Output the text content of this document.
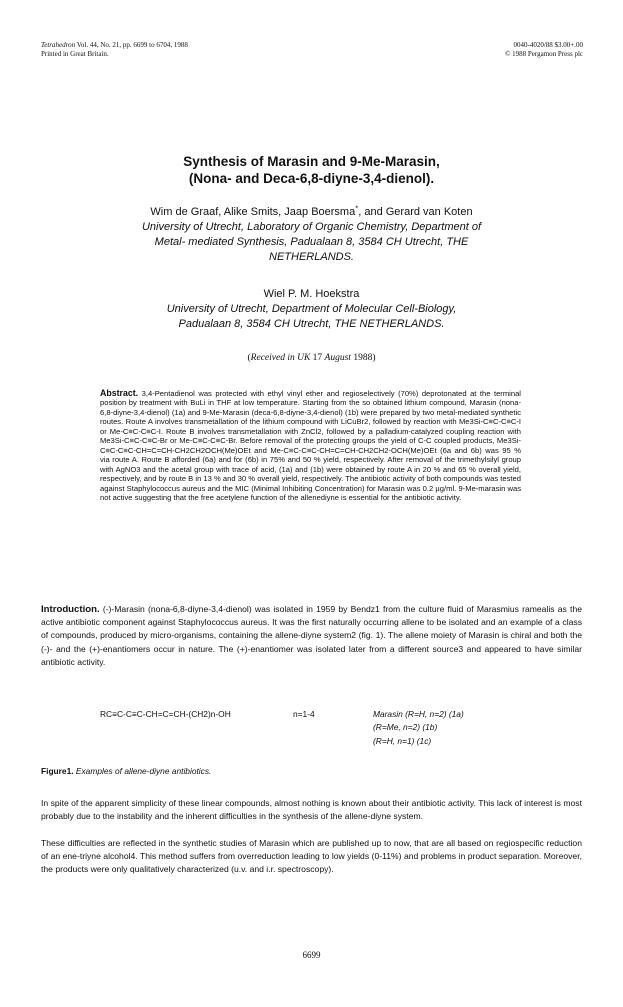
Tetrahedron Vol. 44, No. 21, pp. 6699 to 6704, 1988
Printed in Great Britain.
0040-4020/88 $3.00+.00
© 1988 Pergamon Press plc
Synthesis of Marasin and 9-Me-Marasin,
(Nona- and Deca-6,8-diyne-3,4-dienol).
Wim de Graaf, Alike Smits, Jaap Boersma*, and Gerard van Koten
University of Utrecht, Laboratory of Organic Chemistry, Department of
Metal- mediated Synthesis, Padualaan 8, 3584 CH Utrecht, THE
NETHERLANDS.
Wiel P. M. Hoekstra
University of Utrecht, Department of Molecular Cell-Biology,
Padualaan 8, 3584 CH Utrecht, THE NETHERLANDS.
(Received in UK 17 August 1988)
Abstract. 3,4-Pentadienol was protected with ethyl vinyl ether and regioselectively (70%) deprotonated at the terminal position by treatment with BuLi in THF at low temperature. Starting from the so obtained lithium compound, Marasin (nona-6,8-diyne-3,4-dienol) (1a) and 9-Me-Marasin (deca-6,8-diyne-3,4-dienol) (1b) were prepared by two metal-mediated synthetic routes. Route A involves transmetallation of the lithium compound with LiCuBr2, followed by reaction with Me3Si-C≡C-C≡C-I or Me-C≡C-C≡C-I. Route B involves transmetallation with ZnCl2, followed by a palladium-catalyzed coupling reaction with Me3Si-C≡C-C≡C-Br or Me-C≡C-C≡C-Br. Before removal of the protecting groups the yield of C-C coupled products, Me3Si-C≡C-C≡C-CH=C=CH-CH2CH2OCH(Me)OEt and Me-C≡C-C≡C-CH=C=CH-CH2CH2-OCH(Me)OEt (6a and 6b) was 95 % via route A. Route B afforded (6a) and for (6b) in 75% and 50 % yield, respectively. After removal of the trimethylsilyl group with AgNO3 and the acetal group with trace of acid, (1a) and (1b) were obtained by route A in 20 % and 65 % overall yield, respectively, and by route B in 13 % and 30 % overall yield, respectively. The antibiotic activity of both compounds was tested against Staphylococcus aureus and the MIC (Minimal Inhibiting Concentration) for Marasin was 0.2 µg/ml. 9-Me-marasin was not active suggesting that the free acetylene function of the allenediyne is essential for the antibiotic activity.
Introduction. (-)-Marasin (nona-6,8-diyne-3,4-dienol) was isolated in 1959 by Bendz1 from the culture fluid of Marasmius ramealis as the active antibiotic component against Staphylococcus aureus. It was the first naturally occurring allene to be isolated and an example of a class of compounds, produced by micro-organisms, containing the allene-diyne system2 (fig. 1). The allene moiety of Marasin is chiral and both the (-)- and the (+)-enantiomers occur in nature. The (+)-enantiomer was isolated later from a different source3 and appeared to have similar antibiotic activity.
RC≡C-C≡C-CH=C=CH-(CH2)n-OH	n=1-4	Marasin (R=H, n=2) (1a)
(R=Me, n=2) (1b)
(R=H, n=1) (1c)
Figure1. Examples of allene-diyne antibiotics.
In spite of the apparent simplicity of these linear compounds, almost nothing is known about their antibiotic activity. This lack of interest is most probably due to the instability and the inherent difficulties in the synthesis of the allene-diyne system.
These difficulties are reflected in the synthetic studies of Marasin which are published up to now, that are all based on regiospecific reduction of an ene-triyne alcohol4. This method suffers from overreduction leading to low yields (0-11%) and problems in product separation. Moreover, the products were only qualitatively characterized (u.v. and i.r. spectroscopy).
6699
